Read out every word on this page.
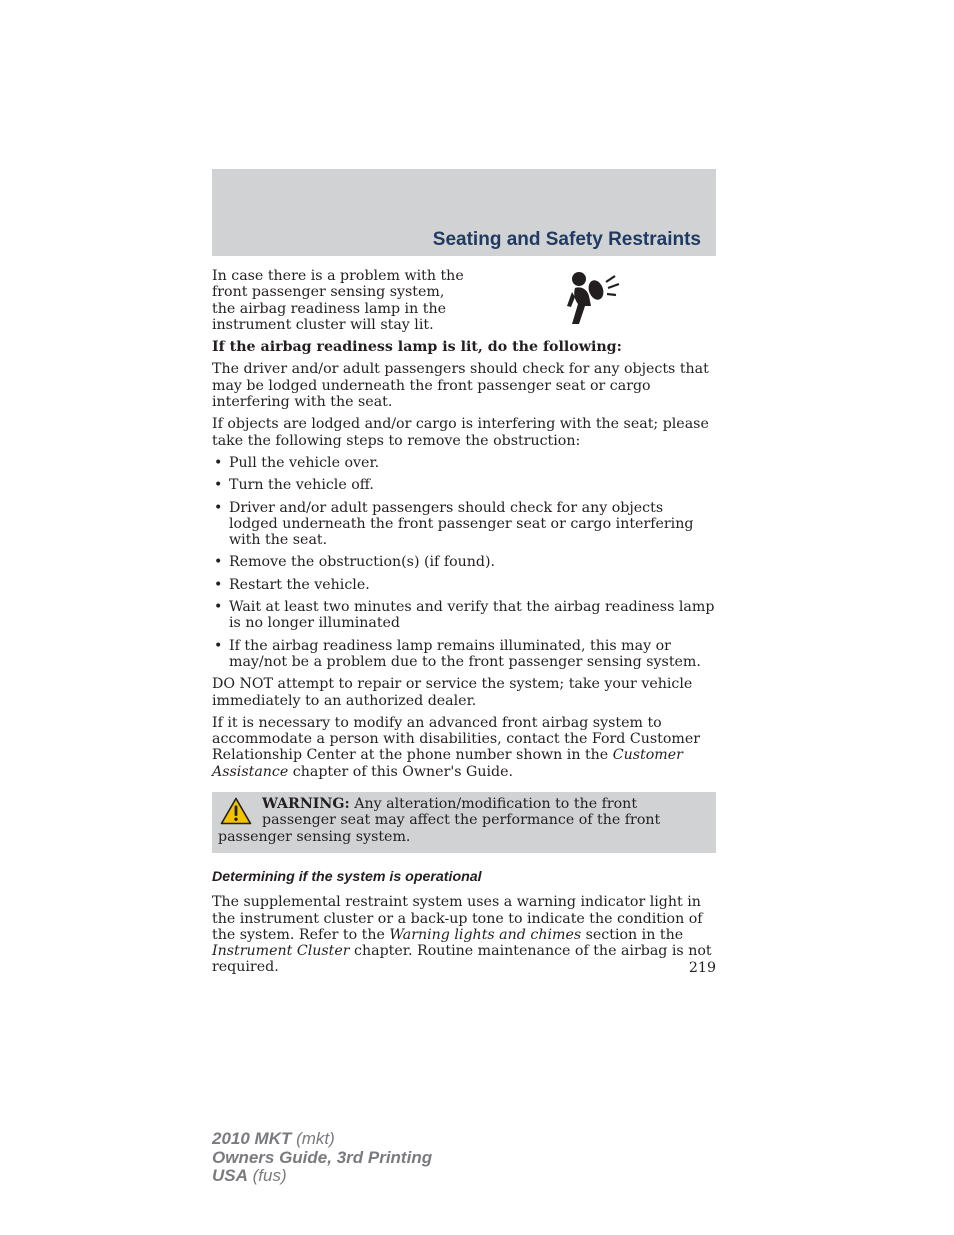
Seating and Safety Restraints

In case there is a problem with the front passenger sensing system, the airbag readiness lamp in the instrument cluster will stay lit.

If the airbag readiness lamp is lit, do the following:

The driver and/or adult passengers should check for any objects that may be lodged underneath the front passenger seat or cargo interfering with the seat.

If objects are lodged and/or cargo is interfering with the seat; please take the following steps to remove the obstruction:

• Pull the vehicle over.
• Turn the vehicle off.
• Driver and/or adult passengers should check for any objects lodged underneath the front passenger seat or cargo interfering with the seat.
• Remove the obstruction(s) (if found).
• Restart the vehicle.
• Wait at least two minutes and verify that the airbag readiness lamp is no longer illuminated
• If the airbag readiness lamp remains illuminated, this may or may/not be a problem due to the front passenger sensing system.

DO NOT attempt to repair or service the system; take your vehicle immediately to an authorized dealer.

If it is necessary to modify an advanced front airbag system to accommodate a person with disabilities, contact the Ford Customer Relationship Center at the phone number shown in the Customer Assistance chapter of this Owner's Guide.

WARNING: Any alteration/modification to the front passenger seat may affect the performance of the front passenger sensing system.
Determining if the system is operational

The supplemental restraint system uses a warning indicator light in the instrument cluster or a back-up tone to indicate the condition of the system. Refer to the Warning lights and chimes section in the Instrument Cluster chapter. Routine maintenance of the airbag is not required.	219
2010 MKT (mkt)
Owners Guide, 3rd Printing
USA (fus)
